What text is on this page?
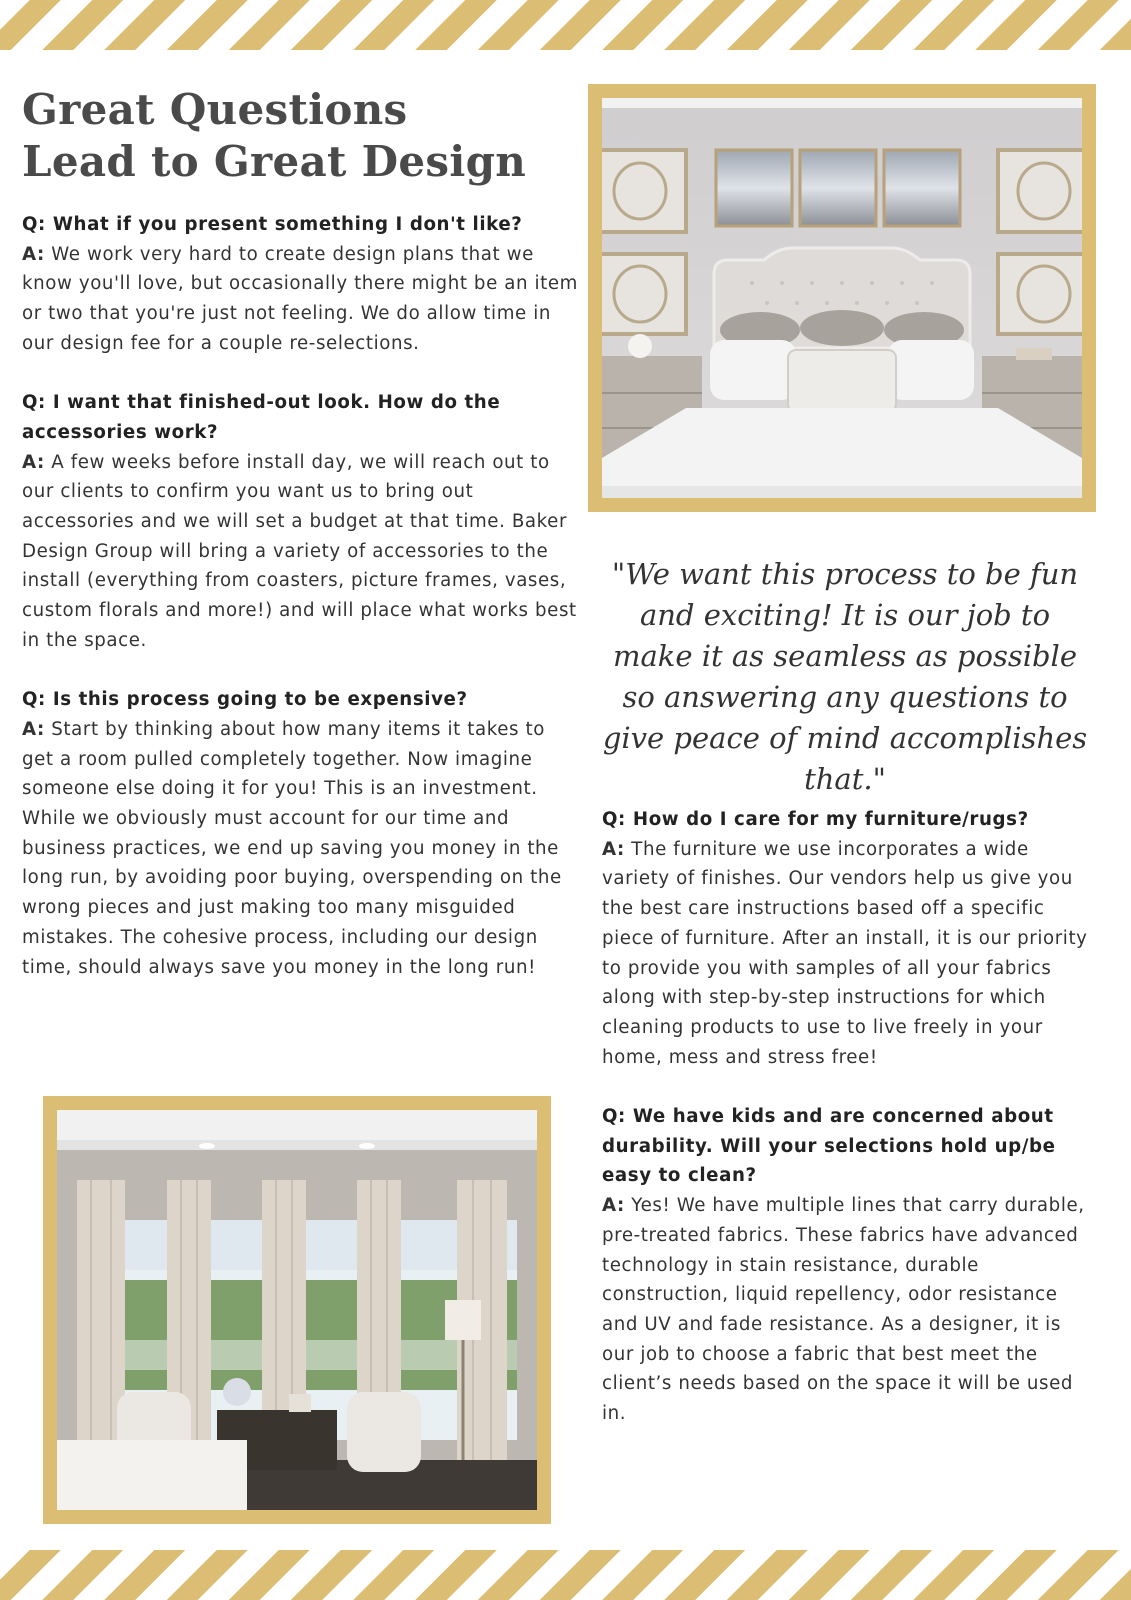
Great Questions
Lead to Great Design

Q: What if you present something I don't like?

A: We work very hard to create design plans that we know you'll love, but occasionally there might be an item or two that you're just not feeling. We do allow time in our design fee for a couple re-selections.

Q: I want that finished-out look. How do the accessories work?

A: A few weeks before install day, we will reach out to our clients to confirm you want us to bring out accessories and we will set a budget at that time. Baker Design Group will bring a variety of accessories to the install (everything from coasters, picture frames, vases, custom florals and more!) and will place what works best in the space.

Q: Is this process going to be expensive?

A: Start by thinking about how many items it takes to get a room pulled completely together. Now imagine someone else doing it for you! This is an investment. While we obviously must account for our time and business practices, we end up saving you money in the long run, by avoiding poor buying, overspending on the wrong pieces and just making too many misguided mistakes. The cohesive process, including our design time, should always save you money in the long run!

"We want this process to be fun and exciting! It is our job to make it as seamless as possible so answering any questions to give peace of mind accomplishes that."

Q: How do I care for my furniture/rugs?

A: The furniture we use incorporates a wide variety of finishes. Our vendors help us give you the best care instructions based off a specific piece of furniture. After an install, it is our priority to provide you with samples of all your fabrics along with step-by-step instructions for which cleaning products to use to live freely in your home, mess and stress free!

Q: We have kids and are concerned about durability. Will your selections hold up/be easy to clean?

A: Yes! We have multiple lines that carry durable, pre-treated fabrics. These fabrics have advanced technology in stain resistance, durable construction, liquid repellency, odor resistance and UV and fade resistance. As a designer, it is our job to choose a fabric that best meet the client’s needs based on the space it will be used in.
